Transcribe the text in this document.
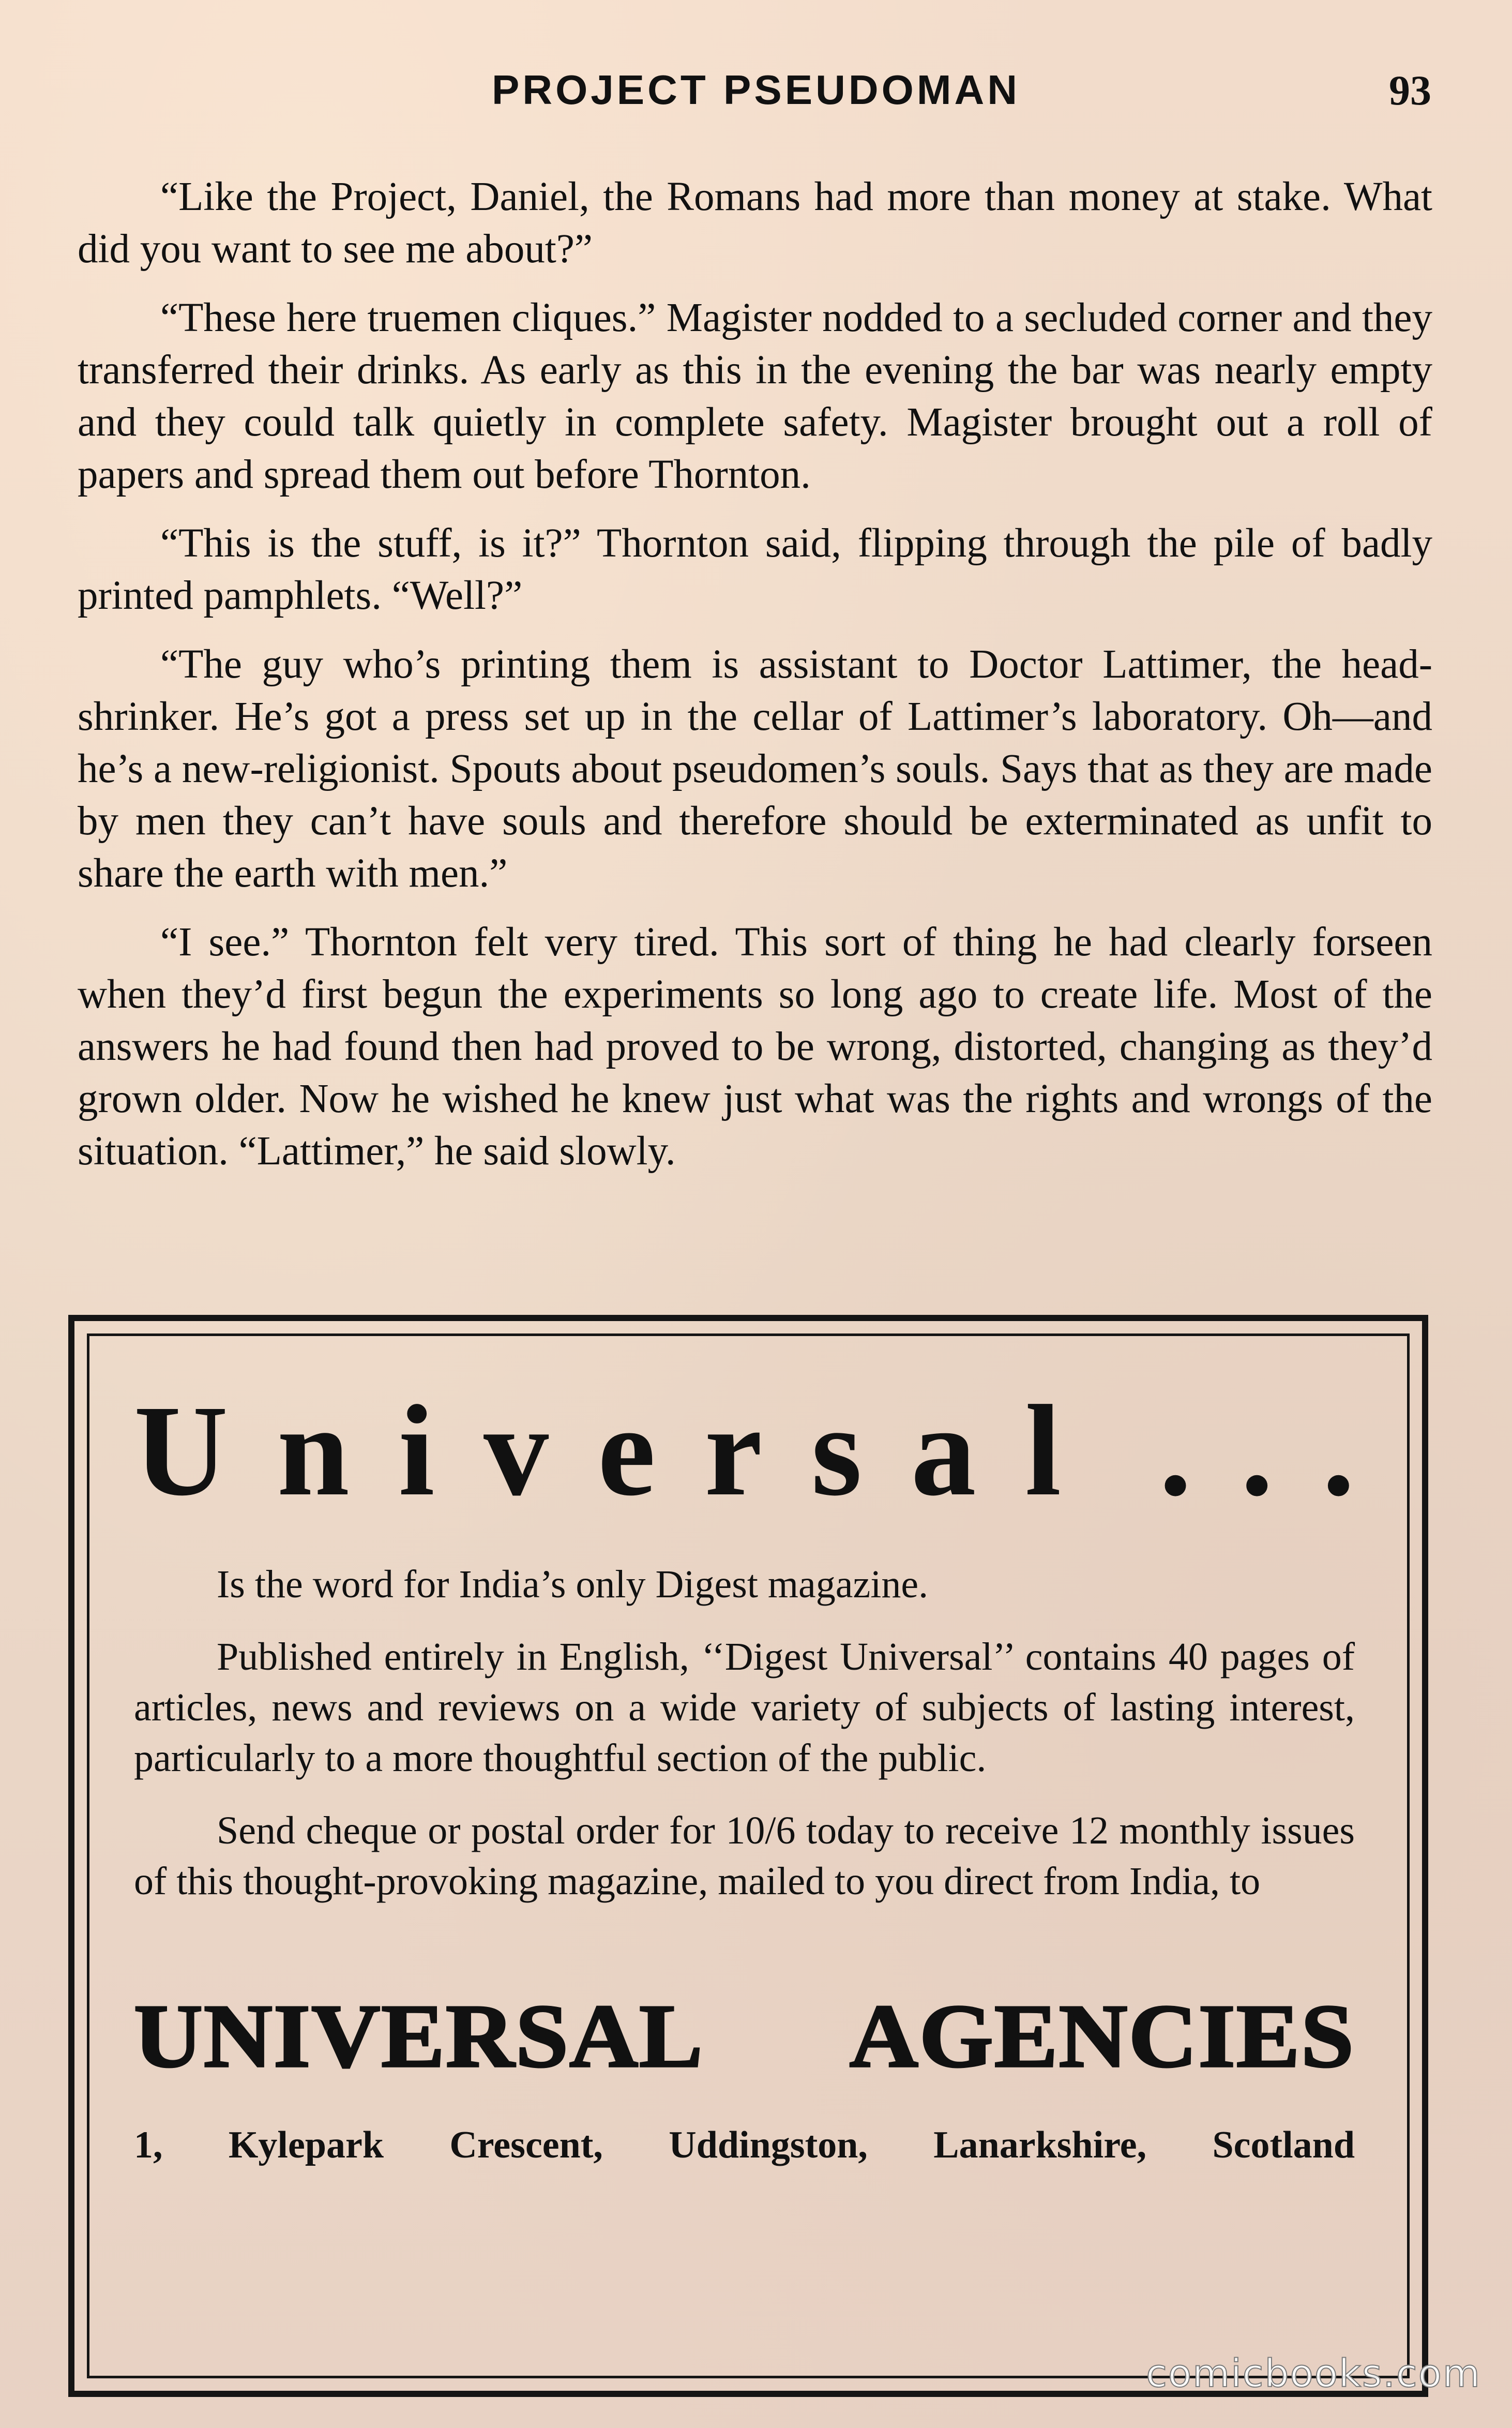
PROJECT PSEUDOMAN	93

“Like the Project, Daniel, the Romans had more than money at stake. What did you want to see me about?”

“These here truemen cliques.” Magister nodded to a secluded corner and they transferred their drinks. As early as this in the evening the bar was nearly empty and they could talk quietly in complete safety. Magister brought out a roll of papers and spread them out before Thornton.

“This is the stuff, is it?” Thornton said, flipping through the pile of badly printed pamphlets. “Well?”

“The guy who’s printing them is assistant to Doctor Lattimer, the head-shrinker. He’s got a press set up in the cellar of Lattimer’s laboratory. Oh—and he’s a new-religionist. Spouts about pseudomen’s souls. Says that as they are made by men they can’t have souls and therefore should be exterminated as unfit to share the earth with men.”

“I see.” Thornton felt very tired. This sort of thing he had clearly forseen when they’d first begun the experiments so long ago to create life. Most of the answers he had found then had proved to be wrong, distorted, changing as they’d grown older. Now he wished he knew just what was the rights and wrongs of the situation. “Lattimer,” he said slowly.

U n i v e r s a l . . .

Is the word for India’s only Digest magazine.

Published entirely in English, ‘‘Digest Universal’’ contains 40 pages of articles, news and reviews on a wide variety of subjects of lasting interest, particularly to a more thoughtful section of the public.

Send cheque or postal order for 10/6 today to receive 12 monthly issues of this thought-provoking magazine, mailed to you direct from India, to

UNIVERSAL AGENCIES
1, Kylepark Crescent, Uddingston, Lanarkshire, Scotland
comicbooks.com
